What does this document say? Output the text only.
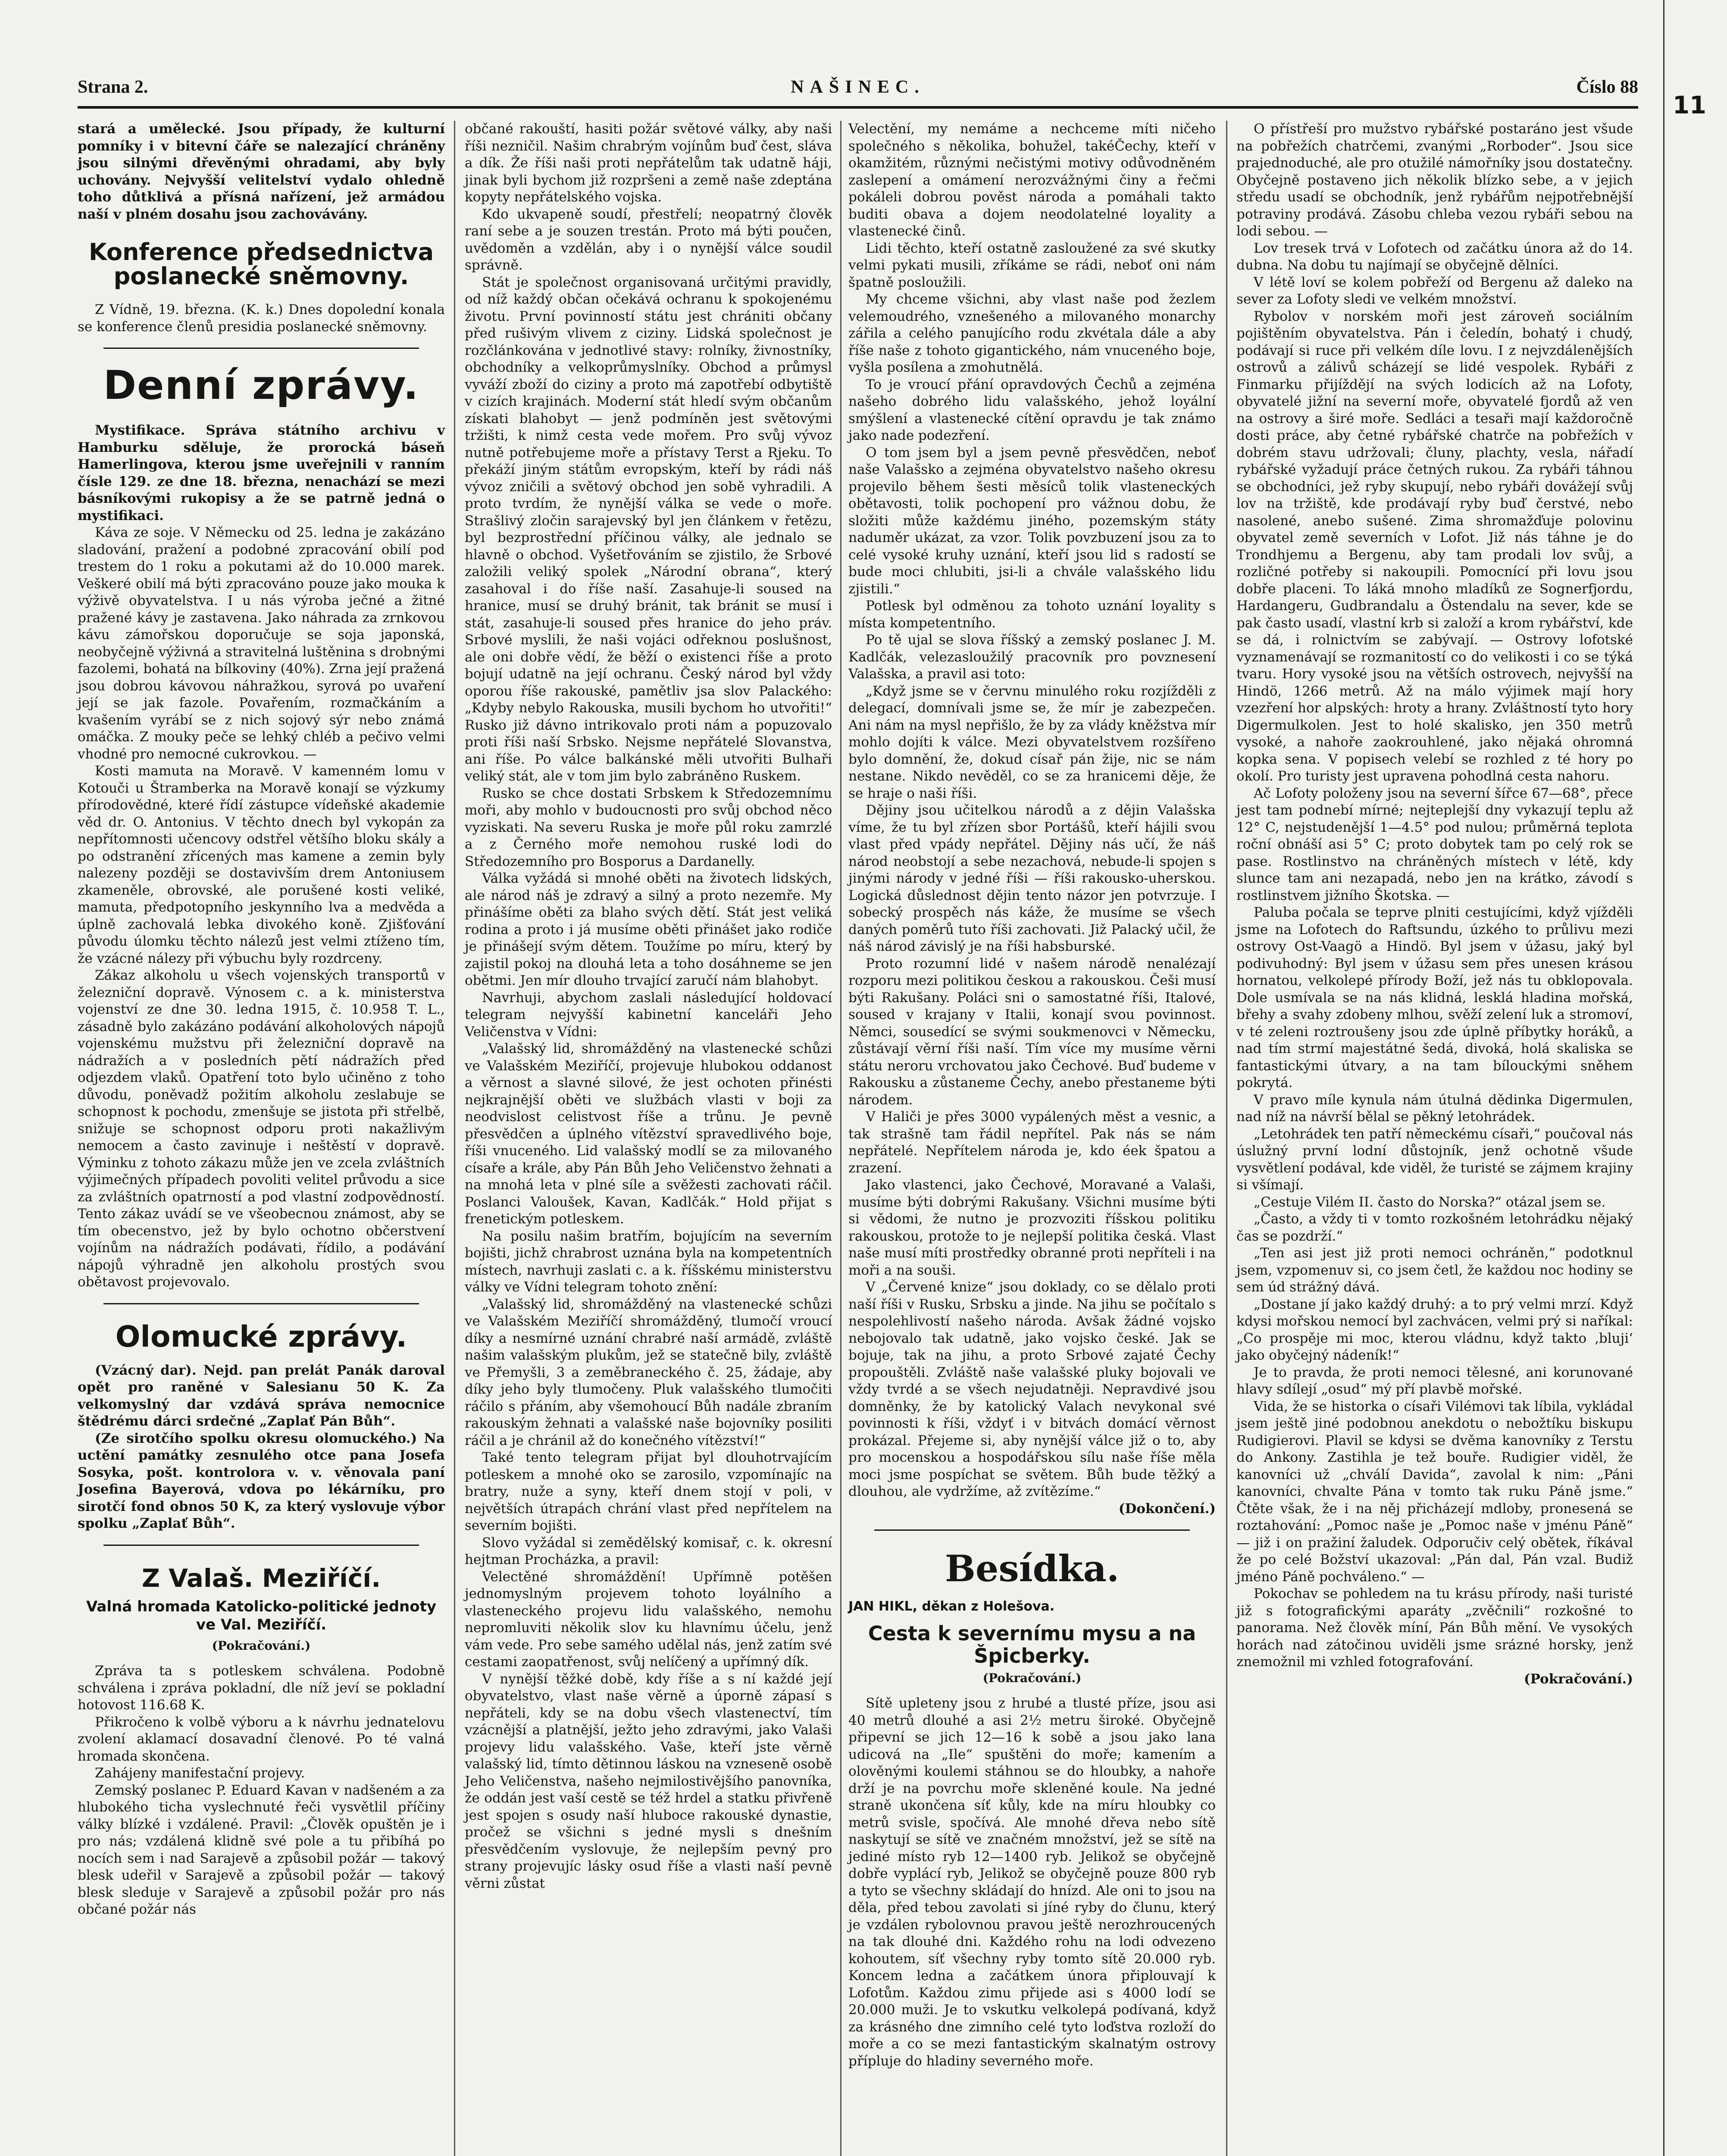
Strana 2.	NAŠINEC.	Číslo 88

stará a umělecké. Jsou případy, že kulturní pomníky i v bitevní čáře se nalezající chráněny jsou silnými dřevěnými ohradami, aby byly uchovány. Nejvyšší velitelství vydalo ohledně toho důtklivá a přísná nařízení, jež armádou naší v plném dosahu jsou zachovávány.

Konference předsednictva poslanecké sněmovny.

Z Vídně, 19. března. (K. k.) Dnes dopolední konala se konference členů presidia poslanecké sněmovny.

Denní zprávy.

Mystifikace. Správa státního archivu v Hamburku sděluje, že prorocká báseň Hamerlingova, kterou jsme uveřejnili v ranním čísle 129. ze dne 18. března, nenachází se mezi básníkovými rukopisy a že se patrně jedná o mystifikaci.

Káva ze soje. V Německu od 25. ledna je zakázáno sladování, pražení a podobné zpracování obilí pod trestem do 1 roku a pokutami až do 10.000 marek. Veškeré obilí má býti zpracováno pouze jako mouka k výživě obyvatelstva. I u nás výroba ječné a žitné pražené kávy je zastavena. Jako náhrada za zrnkovou kávu zámořskou doporučuje se soja japonská, neobyčejně výživná a stravitelná luštěnina s drobnými fazolemi, bohatá na bílkoviny (40%). Zrna její pražená jsou dobrou kávovou náhražkou, syrová po uvaření její se jak fazole. Povařením, rozmačkáním a kvašením vyrábí se z nich sojový sýr nebo známá omáčka. Z mouky peče se lehký chléb a pečivo velmi vhodné pro nemocné cukrovkou. —

Kosti mamuta na Moravě. V kamenném lomu v Kotouči u Štramberka na Moravě konají se výzkumy přírodovědné, které řídí zástupce vídeňské akademie věd dr. O. Antonius. V těchto dnech byl vykopán za nepřítomnosti učencovy odstřel většího bloku skály a po odstranění zřícených mas kamene a zemin byly nalezeny později se dostavivším drem Antoniusem zkameněle, obrovské, ale porušené kosti veliké, mamuta, předpotopního jeskynního lva a medvěda a úplně zachovalá lebka divokého koně. Zjišťování původu úlomku těchto nálezů jest velmi ztíženo tím, že vzácné nálezy při výbuchu byly rozdrceny.

Zákaz alkoholu u všech vojenských transportů v železniční dopravě. Výnosem c. a k. ministerstva vojenství ze dne 30. ledna 1915, č. 10.958 T. L., zásadně bylo zakázáno podávání alkoholových nápojů vojenskému mužstvu při železniční dopravě na nádražích a v posledních pětí nádražích před odjezdem vlaků. Opatření toto bylo učiněno z toho důvodu, poněvadž požitím alkoholu zeslabuje se schopnost k pochodu, zmenšuje se jistota při střelbě, snižuje se schopnost odporu proti nakažlivým nemocem a často zavinuje i neštěstí v dopravě. Výminku z tohoto zákazu může jen ve zcela zvláštních výjimečných případech povoliti velitel průvodu a sice za zvláštních opatrností a pod vlastní zodpovědností. Tento zákaz uvádí se ve všeobecnou známost, aby se tím obecenstvo, jež by bylo ochotno občerstvení vojínům na nádražích podávati, řídilo, a podávání nápojů výhradně jen alkoholu prostých svou obětavost projevovalo.

Olomucké zprávy.

(Vzácný dar). Nejd. pan prelát Panák daroval opět pro raněné v Salesianu 50 K. Za velkomyslný dar vzdává správa nemocnice štědrému dárci srdečné „Zaplať Pán Bůh“.

(Ze sirotčího spolku okresu olomuckého.) Na uctění památky zesnulého otce pana Josefa Sosyka, pošt. kontrolora v. v. věnovala paní Josefina Bayerová, vdova po lékárníku, pro sirotčí fond obnos 50 K, za který vyslovuje výbor spolku „Zaplať Bůh“.

Z Valaš. Meziříčí.
Valná hromada Katolicko-politické jednoty ve Val. Meziříčí.
(Pokračování.)

Zpráva ta s potleskem schválena. Podobně schválena i zpráva pokladní, dle níž jeví se pokladní hotovost 116.68 K.

Přikročeno k volbě výboru a k návrhu jednatelovu zvolení aklamací dosavadní členové. Po té valná hromada skončena.

Zahájeny manifestační projevy.

Zemský poslanec P. Eduard Kavan v nadšeném a za hlubokého ticha vyslechnuté řeči vysvětlil příčiny války blízké i vzdálené. Pravil: „Člověk opuštěn je i pro nás; vzdálená klidně své pole a tu přibíhá po nocích sem i nad Sarajevě a způsobil požár — takový blesk udeřil v Sarajevě a způsobil požár — takový blesk sleduje v Sarajevě a způsobil požár pro nás občané požár nás

občané rakouští, hasiti požár světové války, aby naši říši nezničil. Našim chrabrým vojínům buď čest, sláva a dík. Že říši naši proti nepřátelům tak udatně háji, jinak byli bychom již rozpršeni a země naše zdeptána kopyty nepřátelského vojska.

Kdo ukvapeně soudí, přestřelí; neopatrný člověk raní sebe a je souzen trestán. Proto má býti poučen, uvědoměn a vzdělán, aby i o nynější válce soudil správně.

Stát je společnost organisovaná určitými pravidly, od níž každý občan očekává ochranu k spokojenému životu. První povinností státu jest chrániti občany před rušivým vlivem z ciziny. Lidská společnost je rozčlánkována v jednotlivé stavy: rolníky, živnostníky, obchodníky a velkoprůmyslníky. Obchod a průmysl vyváží zboží do ciziny a proto má zapotřebí odbytiště v cizích krajinách. Moderní stát hledí svým občanům získati blahobyt — jenž podmíněn jest světovými tržišti, k nimž cesta vede mořem. Pro svůj vývoz nutně potřebujeme moře a přístavy Terst a Rjeku. To překáží jiným státům evropským, kteří by rádi náš vývoz zničili a světový obchod jen sobě vyhradili. A proto tvrdím, že nynější válka se vede o moře. Strašlivý zločin sarajevský byl jen článkem v řetězu, byl bezprostřední příčinou války, ale jednalo se hlavně o obchod. Vyšetřováním se zjistilo, že Srbové založili veliký spolek „Národní obrana“, který zasahoval i do říše naší. Zasahuje-li soused na hranice, musí se druhý bránit, tak bránit se musí i stát, zasahuje-li soused přes hranice do jeho práv. Srbové myslili, že naši vojáci odřeknou poslušnost, ale oni dobře vědí, že běží o existenci říše a proto bojují udatně na její ochranu. Český národ byl vždy oporou říše rakouské, pamětliv jsa slov Palackého: „Kdyby nebylo Rakouska, musili bychom ho utvořiti!“ Rusko již dávno intrikovalo proti nám a popuzovalo proti říši naší Srbsko. Nejsme nepřátelé Slovanstva, ani říše. Po válce balkánské měli utvořiti Bulhaři veliký stát, ale v tom jim bylo zabráněno Ruskem.

Rusko se chce dostati Srbskem k Středozemnímu moři, aby mohlo v budoucnosti pro svůj obchod něco vyziskati. Na severu Ruska je moře půl roku zamrzlé a z Černého moře nemohou ruské lodi do Středozemního pro Bosporus a Dardanelly.

Válka vyžádá si mnohé oběti na životech lidských, ale národ náš je zdravý a silný a proto nezemře. My přinášíme oběti za blaho svých dětí. Stát jest veliká rodina a proto i já musíme oběti přinášet jako rodiče je přinášejí svým dětem. Toužíme po míru, který by zajistil pokoj na dlouhá leta a toho dosáhneme se jen obětmi. Jen mír dlouho trvající zaručí nám blahobyt.

Navrhuji, abychom zaslali následující holdovací telegram nejvyšší kabinetní kanceláři Jeho Veličenstva v Vídni:

„Valašský lid, shromážděný na vlastenecké schůzi ve Valašském Meziříčí, projevuje hlubokou oddanost a věrnost a slavné silové, že jest ochoten přinésti nejkrajnější oběti ve službách vlasti v boji za neodvislost celistvost říše a trůnu. Je pevně přesvědčen a úplného vítězství spravedlivého boje, říši vnuceného. Lid valašský modlí se za milovaného císaře a krále, aby Pán Bůh Jeho Veličenstvo žehnati a na mnohá leta v plné síle a svěžesti zachovati ráčil. Poslanci Valoušek, Kavan, Kadlčák.“ Hold přijat s frenetickým potleskem.

Na posilu našim bratřím, bojujícím na severním bojišti, jichž chrabrost uznána byla na kompetentních místech, navrhuji zaslati c. a k. říšskému ministerstvu války ve Vídni telegram tohoto znění:

„Valašský lid, shromážděný na vlastenecké schůzi ve Valašském Meziříčí shromážděný, tlumočí vroucí díky a nesmírné uznání chrabré naší armádě, zvláště našim valašským plukům, jež se statečně bily, zvláště ve Přemyšli, 3 a zeměbraneckého č. 25, žádaje, aby díky jeho byly tlumočeny. Pluk valašského tlumočiti ráčilo s přáním, aby všemohoucí Bůh nadále zbraním rakouským žehnati a valašské naše bojovníky posiliti ráčil a je chránil až do konečného vítězství!“

Také tento telegram přijat byl dlouhotrvajícím potleskem a mnohé oko se zarosilo, vzpomínajíc na bratry, nuže a syny, kteří dnem stojí v poli, v největších útrapách chrání vlast před nepřítelem na severním bojišti.

Slovo vyžádal si zemědělský komisař, c. k. okresní hejtman Procházka, a pravil:

Velectěné shromáždění! Upřímně potěšen jednomyslným projevem tohoto loyálního a vlasteneckého projevu lidu valašského, nemohu nepromluviti několik slov ku hlavnímu účelu, jenž vám vede. Pro sebe samého udělal nás, jenž zatím své cestami zaopatřenost, svůj nelíčený a upřímný dík.

V nynější těžké době, kdy říše a s ní každé její obyvatelstvo, vlast naše věrně a úporně zápasí s nepřáteli, kdy se na dobu všech vlastenectví, tím vzácnější a platnější, ježto jeho zdravými, jako Valaši projevy lidu valašského. Vaše, kteří jste věrně valašský lid, tímto dětinnou láskou na vzneseně osobě Jeho Veličenstva, našeho nejmilostivějšího panovníka, že oddán jest vaší cestě se též hrdel a statku přivřeně jest spojen s osudy naší hluboce rakouské dynastie, pročež se všichni s jedné mysli s dnešním přesvědčením vyslovuje, že nejlepším pevný pro strany projevujíc lásky osud říše a vlasti naší pevně věrni zůstat

Velectění, my nemáme a nechceme míti ničeho společného s několika, bohužel, takéČechy, kteří v okamžitém, různými nečistými motivy odůvodněném zaslepení a omámení nerozvážnými činy a řečmi pokáleli dobrou pověst národa a pomáhali takto buditi obava a dojem neodolatelné loyality a vlastenecké činů.

Lidi těchto, kteří ostatně zasloužené za své skutky velmi pykati musili, zříkáme se rádi, neboť oni nám špatně posloužili.

My chceme všichni, aby vlast naše pod žezlem velemoudrého, vznešeného a milovaného monarchy zářila a celého panujícího rodu zkvétala dále a aby říše naše z tohoto gigantického, nám vnuceného boje, vyšla posílena a zmohutnělá.

To je vroucí přání opravdových Čechů a zejména našeho dobrého lidu valašského, jehož loyální smýšlení a vlastenecké cítění opravdu je tak známo jako nade podezření.

O tom jsem byl a jsem pevně přesvědčen, neboť naše Valašsko a zejména obyvatelstvo našeho okresu projevilo během šesti měsíců tolik vlasteneckých obětavosti, tolik pochopení pro vážnou dobu, že složiti může každému jiného, pozemským státy naduměr ukázat, za vzor. Tolik povzbuzení jsou za to celé vysoké kruhy uznání, kteří jsou lid s radostí se bude moci chlubiti, jsi-li a chvále valašského lidu zjistili.“

Potlesk byl odměnou za tohoto uznání loyality s místa kompetentního.

Po tě ujal se slova říšský a zemský poslanec J. M. Kadlčák, velezasloužilý pracovník pro povznesení Valašska, a pravil asi toto:

„Když jsme se v červnu minulého roku rozjížděli z delegací, domnívali jsme se, že mír je zabezpečen. Ani nám na mysl nepřišlo, že by za vlády kněžstva mír mohlo dojíti k válce. Mezi obyvatelstvem rozšířeno bylo domnění, že, dokud císař pán žije, nic se nám nestane. Nikdo nevěděl, co se za hranicemi děje, že se hraje o naši říši.

Dějiny jsou učitelkou národů a z dějin Valašska víme, že tu byl zřízen sbor Portášů, kteří hájili svou vlast před vpády nepřátel. Dějiny nás učí, že náš národ neobstojí a sebe nezachová, nebude-li spojen s jinými národy v jedné říši — říši rakousko-uherskou. Logická důslednost dějin tento názor jen potvrzuje. I sobecký prospěch nás káže, že musíme se všech daných poměrů tuto říši zachovati. Již Palacký učil, že náš národ závislý je na říši habsburské.

Proto rozumní lidé v našem národě nenalézají rozporu mezi politikou českou a rakouskou. Češi musí býti Rakušany. Poláci sni o samostatné říši, Italové, soused v krajany v Italii, konají svou povinnost. Němci, sousedící se svými soukmenovci v Německu, zůstávají věrní říši naší. Tím více my musíme věrni státu neroru vrchovatou jako Čechové. Buď budeme v Rakousku a zůstaneme Čechy, anebo přestaneme býti národem.

V Haliči je přes 3000 vypálených měst a vesnic, a tak strašně tam řádil nepřítel. Pak nás se nám nepřátelé. Nepřítelem národa je, kdo éek špatou a zrazení.

Jako vlastenci, jako Čechové, Moravané a Valaši, musíme býti dobrými Rakušany. Všichni musíme býti si vědomi, že nutno je prozvoziti říšskou politiku rakouskou, protože to je nejlepší politika česká. Vlast naše musí míti prostředky obranné proti nepříteli i na moři a na souši.

V „Červené knize“ jsou doklady, co se dělalo proti naší říši v Rusku, Srbsku a jinde. Na jihu se počítalo s nespolehlivostí našeho národa. Avšak žádné vojsko nebojovalo tak udatně, jako vojsko české. Jak se bojuje, tak na jihu, a proto Srbové zajaté Čechy propouštěli. Zvláště naše valašské pluky bojovali ve vždy tvrdé a se všech nejudatněji. Nepravdivé jsou domněnky, že by katolický Valach nevykonal své povinnosti k říši, vždyť i v bitvách domácí věrnost prokázal. Přejeme si, aby nynější válce již o to, aby pro mocenskou a hospodářskou sílu naše říše měla moci jsme pospíchat se světem. Bůh bude těžký a dlouhou, ale vydržíme, až zvítězíme.“

(Dokončení.)

Besídka.
JAN HIKL, děkan z Holešova.
Cesta k severnímu mysu a na Špicberky.
(Pokračování.)

Sítě upleteny jsou z hrubé a tlusté příze, jsou asi 40 metrů dlouhé a asi 2½ metru široké. Obyčejně připevní se jich 12—16 k sobě a jsou jako lana udicová na „Ile“ spuštěni do moře; kamením a olověnými koulemi stáhnou se do hloubky, a nahoře drží je na povrchu moře skleněné koule. Na jedné straně ukončena síť kůly, kde na míru hloubky co metrů svisle, spočívá. Ale mnohé dřeva nebo sítě naskytují se sítě ve značném množství, jež se sítě na jediné místo ryb 12—1400 ryb. Jelikož se obyčejně dobře vyplácí ryb, Jelikož se obyčejně pouze 800 ryb a tyto se všechny skládají do hnízd. Ale oni to jsou na děla, před tebou zavolati si jíné ryby do člunu, který je vzdálen rybolovnou pravou ještě nerozhroucených na tak dlouhé dni. Každého rohu na lodi odvezeno kohoutem, síť všechny ryby tomto sítě 20.000 ryb. Koncem ledna a začátkem února připlouvají k Lofotům. Každou zimu přijede asi s 4000 lodí se 20.000 muži. Je to vskutku velkolepá podívaná, když za krásného dne zimního celé tyto loďstva rozloží do moře a co se mezi fantastickým skalnatým ostrovy přípluje do hladiny severného moře.

O přístřeší pro mužstvo rybářské postaráno jest všude na pobřežích chatrčemi, zvanými „Rorboder“. Jsou sice prajednoduché, ale pro otužilé námořníky jsou dostatečny. Obyčejně postaveno jich několik blízko sebe, a v jejich středu usadí se obchodník, jenž rybářům nejpotřebnější potraviny prodává. Zásobu chleba vezou rybáři sebou na lodi sebou. —

Lov tresek trvá v Lofotech od začátku února až do 14. dubna. Na dobu tu najímají se obyčejně dělníci.

V létě loví se kolem pobřeží od Bergenu až daleko na sever za Lofoty sledi ve velkém množství.

Rybolov v norském moři jest zároveň sociálním pojištěním obyvatelstva. Pán i čeledín, bohatý i chudý, podávají si ruce při velkém díle lovu. I z nejvzdálenějších ostrovů a zálivů scházejí se lidé vespolek. Rybáři z Finmarku přijíždějí na svých lodicích až na Lofoty, obyvatelé jižní na severní moře, obyvatelé fjordů až ven na ostrovy a širé moře. Sedláci a tesaři mají každoročně dosti práce, aby četné rybářské chatrče na pobřežích v dobrém stavu udržovali; čluny, plachty, vesla, nářadí rybářské vyžadují práce četných rukou. Za rybáři táhnou se obchodníci, jež ryby skupují, nebo rybáři dovážejí svůj lov na tržiště, kde prodávají ryby buď čerstvé, nebo nasolené, anebo sušené. Zima shromažďuje polovinu obyvatel země severních v Lofot. Již nás táhne je do Trondhjemu a Bergenu, aby tam prodali lov svůj, a rozličné potřeby si nakoupili. Pomocnící při lovu jsou dobře placeni. To láká mnoho mladíků ze Sognerfjordu, Hardangeru, Gudbrandalu a Östendalu na sever, kde se pak často usadí, vlastní krb si založí a krom rybářství, kde se dá, i rolnictvím se zabývají. — Ostrovy lofotské vyznamenávají se rozmanitostí co do velikosti i co se týká tvaru. Hory vysoké jsou na větších ostrovech, nejvyšší na Hindö, 1266 metrů. Až na málo výjimek mají hory vzezření hor alpských: hroty a hrany. Zvláštností tyto hory Digermulkolen. Jest to holé skalisko, jen 350 metrů vysoké, a nahoře zaokrouhlené, jako nějaká ohromná kopka sena. V popisech velebí se rozhled z té hory po okolí. Pro turisty jest upravena pohodlná cesta nahoru.

Ač Lofoty položeny jsou na severní šířce 67—68°, přece jest tam podnebí mírné; nejteplejší dny vykazují teplu až 12° C, nejstudenější 1—4.5° pod nulou; průměrná teplota roční obnáší asi 5° C; proto dobytek tam po celý rok se pase. Rostlinstvo na chráněných místech v létě, kdy slunce tam ani nezapadá, nebo jen na krátko, závodí s rostlinstvem jižního Škotska. —

Paluba počala se teprve plniti cestujícími, když vjížděli jsme na Lofotech do Raftsundu, úzkého to průlivu mezi ostrovy Ost-Vaagö a Hindö. Byl jsem v úžasu, jaký byl podivuhodný: Byl jsem v úžasu sem přes unesen krásou hornatou, velkolepé přírody Boží, jež nás tu obklopovala. Dole usmívala se na nás klidná, lesklá hladina mořská, břehy a svahy zdobeny mlhou, svěží zelení luk a stromoví, v té zeleni roztroušeny jsou zde úplně příbytky horáků, a nad tím strmí majestátné šedá, divoká, holá skaliska se fantastickými útvary, a na tam bílouckými sněhem pokrytá.

V pravo míle kynula nám útulná dědinka Digermulen, nad níž na návrší bělal se pěkný letohrádek.

„Letohrádek ten patří německému císaři,“ poučoval nás úslužný první lodní důstojník, jenž ochotně všude vysvětlení podával, kde viděl, že turisté se zájmem krajiny si všímají.

„Cestuje Vilém II. často do Norska?“ otázal jsem se.

„Často, a vždy ti v tomto rozkošném letohrádku nějaký čas se pozdrží.“

„Ten asi jest již proti nemoci ochráněn,“ podotknul jsem, vzpomenuv si, co jsem četl, že každou noc hodiny se sem úd strážný dává.

„Dostane jí jako každý druhý: a to prý velmi mrzí. Když kdysi mořskou nemocí byl zachvácen, velmi prý si naříkal: „Co prospěje mi moc, kterou vládnu, když takto ‚bluji‘ jako obyčejný nádeník!“

Je to pravda, že proti nemoci tělesné, ani korunované hlavy sdílejí „osud“ mý pří plavbě mořské.

Vida, že se historka o císaři Vilémovi tak líbila, vykládal jsem ještě jiné podobnou anekdotu o nebožtíku biskupu Rudigierovi. Plavil se kdysi se dvěma kanovníky z Terstu do Ankony. Zastihla je tež bouře. Rudigier viděl, že kanovníci už „chválí Davida“, zavolal k nim: „Páni kanovníci, chvalte Pána v tomto tak ruku Páně jsme.“ Čtěte však, že i na něj přicházejí mdloby, pronesená se roztahování: „Pomoc naše je „Pomoc naše v jménu Páně“ — již i on pražiní žaludek. Odporučiv celý obětek, říkával že po celé Božství ukazoval: „Pán dal, Pán vzal. Budiž jméno Páně pochváleno.“ —

Pokochav se pohledem na tu krásu přírody, naši turisté již s fotografickými aparáty „zvěčnili“ rozkošné to panorama. Než člověk míní, Pán Bůh mění. Ve vysokých horách nad zátočinou uviděli jsme srázné horsky, jenž znemožnil mi vzhled fotografování.

(Pokračování.)

11
